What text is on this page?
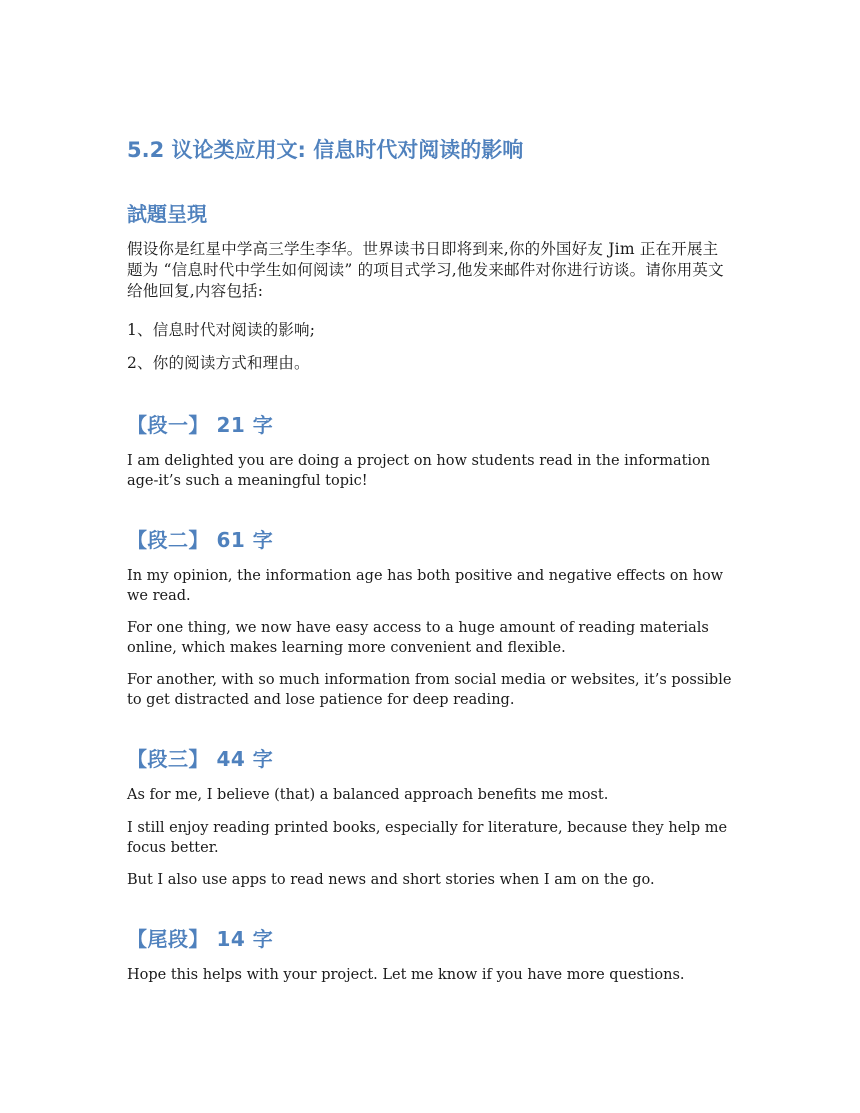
5.2 议论类应用文: 信息时代对阅读的影响
試題呈現

假设你是红星中学高三学生李华。世界读书日即将到来,你的外国好友 Jim 正在开展主题为 “信息时代中学生如何阅读” 的项目式学习,他发来邮件对你进行访谈。请你用英文给他回复,内容包括:

1、信息时代对阅读的影响;

2、你的阅读方式和理由。

【段一】 21 字

I am delighted you are doing a project on how students read in the information age-it’s such a meaningful topic!

【段二】 61 字

In my opinion, the information age has both positive and negative effects on how we read.

For one thing, we now have easy access to a huge amount of reading materials online, which makes learning more convenient and flexible.

For another, with so much information from social media or websites, it’s possible to get distracted and lose patience for deep reading.

【段三】 44 字

As for me, I believe (that) a balanced approach benefits me most.

I still enjoy reading printed books, especially for literature, because they help me focus better.

But I also use apps to read news and short stories when I am on the go.

【尾段】 14 字

Hope this helps with your project. Let me know if you have more questions.
